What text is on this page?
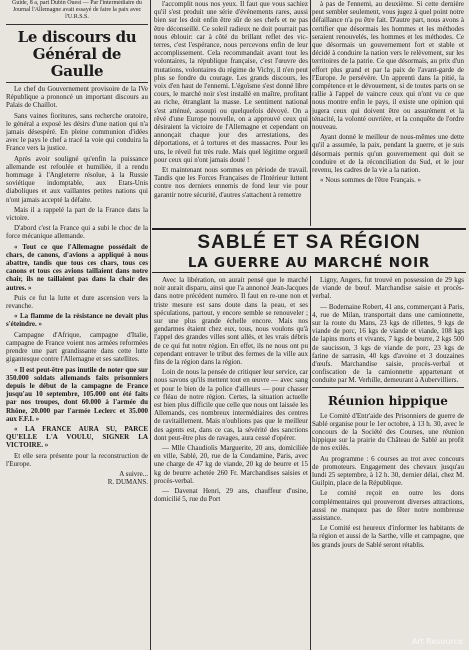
Guide, 8 a, part Dubin Ouest — Par l'intermédiaire du Journal l'Allemagne avait essayé de faire la paix avec l'U.R.S.S.

Le discours du Général de Gaulle

Le chef du Gouvernement provisoire de la IVe République a prononcé un important discours au Palais de Chaillot.

Sans vaines fioritures, sans recherche oratoire, le général a exposé les désirs d'une nation qui n'a jamais désespéré. En pleine communion d'idées avec le pays le chef a tracé la voie qui conduira la France vers la justice.

Après avoir souligné qu'enfin la puissance allemande est refoulée et humiliée, il a rendu hommage à l'Angleterre résolue, à la Russie soviétique indomptable, aux Etats-Unis diaboliques et aux vaillantes petites nations qui n'ont jamais accepté la défaite.

Mais il a rappelé la part de la France dans la victoire.

D'abord c'est la France qui a subi le choc de la force mécanique allemande.

« Tout ce que l'Allemagne possédait de chars, de canons, d'avions a appliqué à nous abattre, tandis que tous ces chars, tous ces canons et tous ces avions taillaient dans notre chair, ils ne taillaient pas dans la chair des autres. »

Puis ce fut la lutte et dure ascension vers la revanche.

« La flamme de la résistance ne devait plus s'éteindre. »

Campagne d'Afrique, campagne d'Italie, campagne de France voient nos armées reformées prendre une part grandissante dans cette lutte gigantesque contre l'Allemagne et ses satellites.

« Il est peut-être pas inutile de noter que sur 350.000 soldats allemands faits prisonniers depuis le début de la campagne de France jusqu'au 10 septembre, 105.000 ont été faits par nos troupes, dont 60.000 à l'armée du Rhône, 20.000 par l'armée Leclerc et 35.000 aux F.F.I. »

« LA FRANCE AURA SU, PARCE QU'ELLE L'A VOULU, SIGNER LA VICTOIRE. »

Et elle sera présente pour la reconstruction de l'Europe.

A suivre...

R. DUMANS.

l'accomplit nous nos yeux. Il faut que vous sachiez qu'il s'est produit une série d'événements rares, aussi bien sur les doit enfin être sûr de ses chefs et ne pas être déconseillé. Ce soleil radieux ne doit pourrait pas nous éblouir: car à côté du brillant reflet des vic- terres, c'est l'espérance, nous percevons enfin de leur accomplissement. Cela recommandait avant tout les volontaires, la république française, c'est l'œuvre des mutations, volontaires du régime de Vichy, il n'en peut plus se fondre du courage. Les grands discours, les voix d'en haut de l'ennemi. L'égoïsme s'est donné libre cours, le marché noir s'est installé en maître, profitant au riche, étranglant la masse. Le sentiment national s'est atténué, assoupi ou quelquefois dévoyé. On a rêvé d'une Europe nouvelle, on a approuvé ceux qui désiraient la victoire de l'Allemagne et cependant on annonçait chaque jour des arrestations, des déportations, et à tortures et des massacres. Pour les uns, le réveil fut très rude. Mais quel légitime orgueil pour ceux qui n'ont jamais douté !

Et maintenant nous sommes en période de travail. Tandis que les Forces Françaises de l'Intérieur luttent contre nos derniers ennemis de fond leur vie pour garantir notre sécurité, d'autres s'attachent à remettre

à pas de l'ennemi, au deuxième. Si cette dernière peut sembler seulement, vous jugez à quel point notre défaillance n'a pu être fait. D'autre part, nous avons à certifier que désormais les hommes et les méthodes seraient renouvelés, les hommes et les méthodes. Ce que désormais un gouvernement fort et stable et décidé à conduire la nation vers le relèvement, sur les territoires de la patrie. Ce que désormais, au prix d'un effort plus grand et par la paix de l'avant-garde de l'Europe. Je persévère. Un apprenti dans la pitié, la compétence et le dévouement, si de toutes parts on se rallie à l'appel de vaincre ceux qui n'ont vu ce que nous montre enfin le pays, il existe une opinion qui jugera ceux qui doivent être ou assurément et la ténacité, la volonté ouvrière, et la conquête de l'ordre nouveau.

Ayant donné le meilleur de nous-mêmes une dette qu'il a assumée, la paix, pendant la guerre, et je suis désormais permis qu'un gouvernement qui doit se conduire et de la réconciliation du Sud, et le jour revenu, les cadres de la vie a la nation.

« Nous sommes de l'être Français. »

SABLÉ ET SA RÉGION
LA GUERRE AU MARCHÉ NOIR

Avec la libération, on aurait pensé que le marché noir aurait disparu, ainsi que l'a annoncé Jean-Jacques dans notre précédent numéro. Il faut en re-une non et triste mesure est sans doute dans la peau, et ses spéculations, partout, y encore semble se renouveler ; sur une plus grande échelle encore. Mais nos gendarmes étaient chez eux, tous, nous voulons qu'à l'appel des grandes villes sont allés, et les vrais débris de ce qui fut notre région. En effet, ils ne nous ont pu cependant entraver le tribut des fermes de la ville aux fins de la région dans la région.

Loin de nous la pensée de critiquer leur service, car nous savons qu'ils mettent tout en œuvre — avec sang et pour le bien de la police d'ailleurs — pour chasser ce fléau de notre région. Certes, la situation actuelle est bien plus difficile que celle que nous ont laissée les Allemands, ces nombreux intermédiaires des centres de ravitaillement. Mais n'oublions pas que le meilleur des agents est, dans ce cas, la sévérité des sanctions dont peut-être plus de ravages, aura cessé d'opérer.

— Mlle Chaudiolis Marguerite, 20 ans, domiciliée en ville, Sablé, 20, rue de la Condamine, Paris, avec une charge de 47 kg de viande, 20 kg de beurre et 15 kg de beurre achetée 260 Fr. Marchandises saisies et procès-verbal.

— Davenat Henri, 29 ans, chauffeur d'usine, domicilié 5, rue du Port

Ligny, Angers, fut trouvé en possession de 29 kgs de viande de bœuf. Marchandise saisie et procès-verbal.

— Bodemaine Robert, 41 ans, commerçant à Paris, 4, rue de Milan, transportait dans une camionnette, sur la route du Mans, 23 kgs de rillettes, 9 kgs de viande de porc, 16 kgs de viande et viande, 108 kgs de lapins morts et vivants, 7 kgs de beurre, 2 kgs 500 de saucisson, 3 kgs de viande de porc, 23 kgs de farine de sarrasin, 40 kgs d'avoine et 3 douzaines d'œufs. Marchandise saisie, procès-verbal et confiscation de la camionnette appartenant et conduite par M. Verhille, demeurant à Aubervilliers.

Réunion hippique

Le Comité d'Entr'aide des Prisonniers de guerre de Sablé organise pour le 1er octobre, à 13 h. 30, avec le concours de la Société des Courses, une réunion hippique sur la prairie du Château de Sablé au profit de nos exilés.

Au programme : 6 courses au trot avec concours de promoteurs. Engagement des chevaux jusqu'au lundi 25 septembre, à 12 h. 30, dernier délai, chez M. Guilpin, place de la République.

Le comité reçoit en outre les dons complémentaires qui prouveront diverses attractions, aussi ne manquez pas de fêter notre nombreuse assistance.

Le Comité est heureux d'informer les habitants de la région et aussi de la Sarthe, ville et campagne, que les grands jours de Sablé seront rétablis.

Art Resource
